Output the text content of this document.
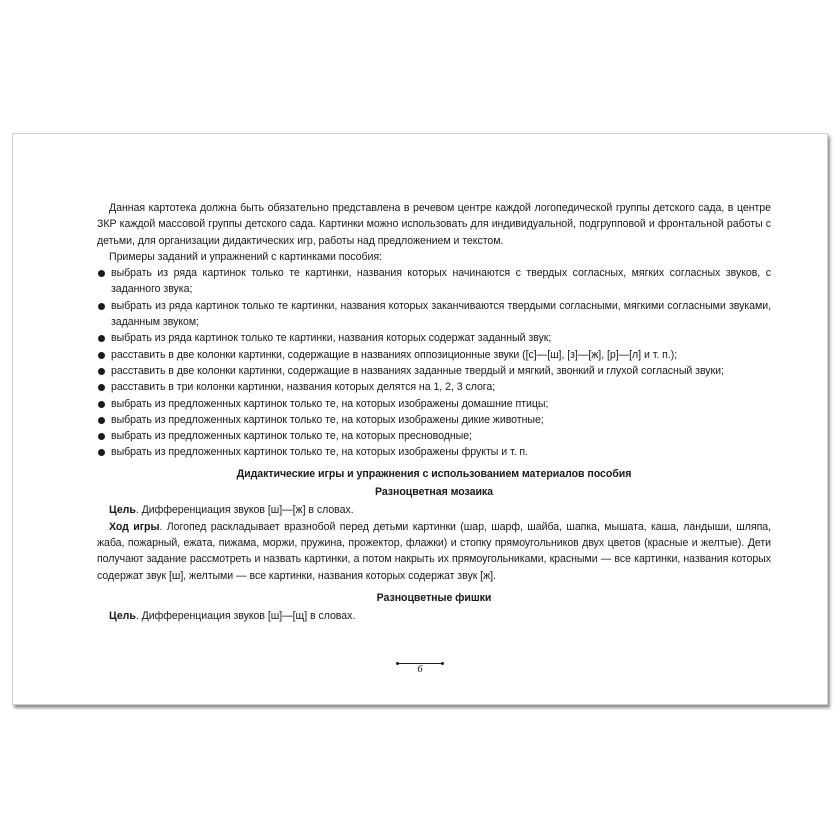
Данная картотека должна быть обязательно представлена в речевом центре каждой логопедической группы детского сада, в центре ЗКР каждой массовой группы детского сада. Картинки можно использовать для индивидуальной, подгрупповой и фронтальной работы с детьми, для организации дидактических игр, работы над предложением и текстом.

Примеры заданий и упражнений с картинками пособия:

выбрать из ряда картинок только те картинки, названия которых начинаются с твердых согласных, мягких согласных звуков, с заданного звука;
выбрать из ряда картинок только те картинки, названия которых заканчиваются твердыми согласными, мягкими согласными звуками, заданным звуком;
выбрать из ряда картинок только те картинки, названия которых содержат заданный звук;
расставить в две колонки картинки, содержащие в названиях оппозиционные звуки ([с]—[ш], [з]—[ж], [р]—[л] и т. п.);
расставить в две колонки картинки, содержащие в названиях заданные твердый и мягкий, звонкий и глухой согласный звуки;
расставить в три колонки картинки, названия которых делятся на 1, 2, 3 слога;
выбрать из предложенных картинок только те, на которых изображены домашние птицы;
выбрать из предложенных картинок только те, на которых изображены дикие животные;
выбрать из предложенных картинок только те, на которых пресноводные;
выбрать из предложенных картинок только те, на которых изображены фрукты и т. п.
Дидактические игры и упражнения с использованием материалов пособия
Разноцветная мозаика

Цель. Дифференциация звуков [ш]—[ж] в словах.

Ход игры. Логопед раскладывает вразнобой перед детьми картинки (шар, шарф, шайба, шапка, мышата, каша, ландыши, шляпа, жаба, пожарный, ежата, пижама, моржи, пружина, прожектор, флажки) и стопку прямоугольников двух цветов (красные и желтые). Дети получают задание рассмотреть и назвать картинки, а потом накрыть их прямоугольниками, красными — все картинки, названия которых содержат звук [ш], желтыми — все картинки, названия которых содержат звук [ж].

Разноцветные фишки

Цель. Дифференциация звуков [ш]—[щ] в словах.

6
